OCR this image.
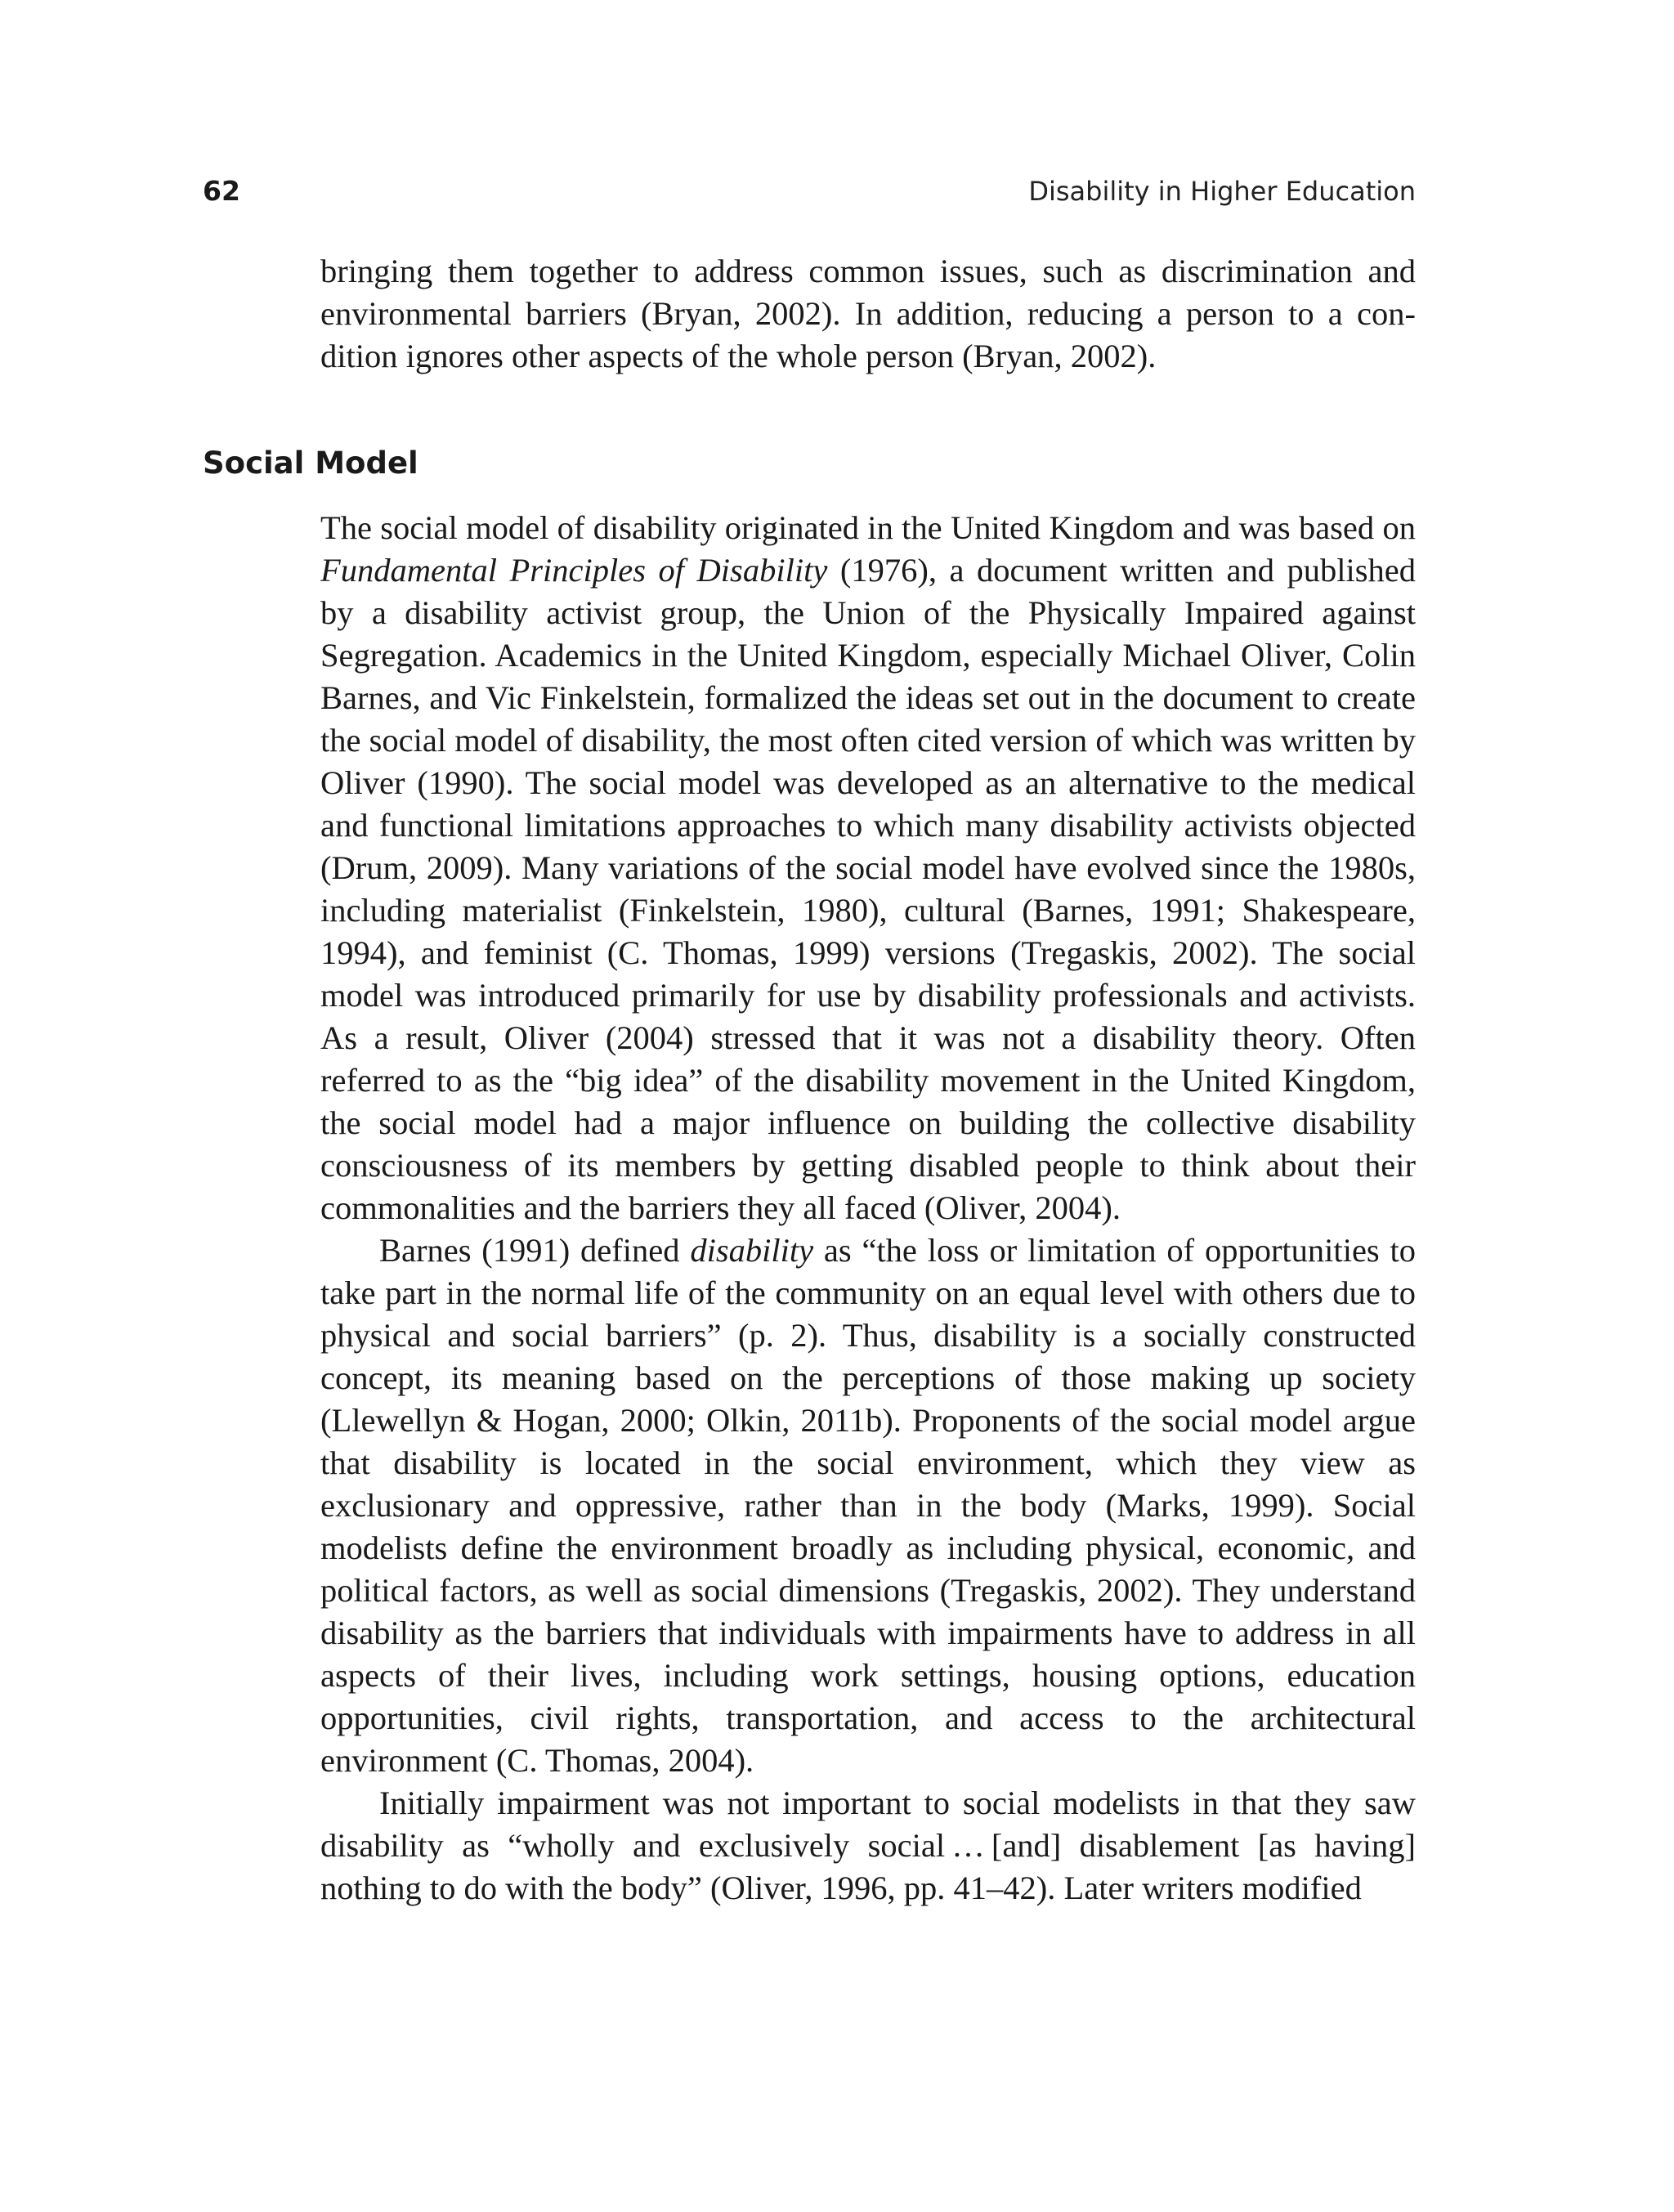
62	Disability in Higher Education

bringing them together to address common issues, such as discrimination and environmental barriers (Bryan, 2002). In addition, reducing a person to a condition ignores other aspects of the whole person (Bryan, 2002).

Social Model

The social model of disability originated in the United Kingdom and was based on Fundamental Principles of Disability (1976), a document written and published by a disability activist group, the Union of the Physically Impaired against Segregation. Academics in the United Kingdom, especially Michael Oliver, Colin Barnes, and Vic Finkelstein, formalized the ideas set out in the document to create the social model of disability, the most often cited version of which was written by Oliver (1990). The social model was developed as an alternative to the medical and functional limitations approaches to which many disability activists objected (Drum, 2009). Many variations of the social model have evolved since the 1980s, including materialist (Finkelstein, 1980), cultural (Barnes, 1991; Shakespeare, 1994), and feminist (C. Thomas, 1999) versions (Tregaskis, 2002). The social model was introduced primarily for use by disability professionals and activists. As a result, Oliver (2004) stressed that it was not a disability theory. Often referred to as the “big idea” of the disability movement in the United Kingdom, the social model had a major influence on building the collective disability consciousness of its members by getting disabled people to think about their commonalities and the barriers they all faced (Oliver, 2004).

Barnes (1991) defined disability as “the loss or limitation of opportunities to take part in the normal life of the community on an equal level with others due to physical and social barriers” (p. 2). Thus, disability is a socially constructed concept, its meaning based on the perceptions of those making up society (Llewellyn & Hogan, 2000; Olkin, 2011b). Proponents of the social model argue that disability is located in the social environment, which they view as exclusionary and oppressive, rather than in the body (Marks, 1999). Social modelists define the environment broadly as including physical, economic, and political factors, as well as social dimensions (Tregaskis, 2002). They understand disability as the barriers that individuals with impairments have to address in all aspects of their lives, including work settings, housing options, education opportunities, civil rights, transportation, and access to the architectural environment (C. Thomas, 2004).

Initially impairment was not important to social modelists in that they saw disability as “wholly and exclusively social … [and] disablement [as having] nothing to do with the body” (Oliver, 1996, pp. 41–42). Later writers modified
